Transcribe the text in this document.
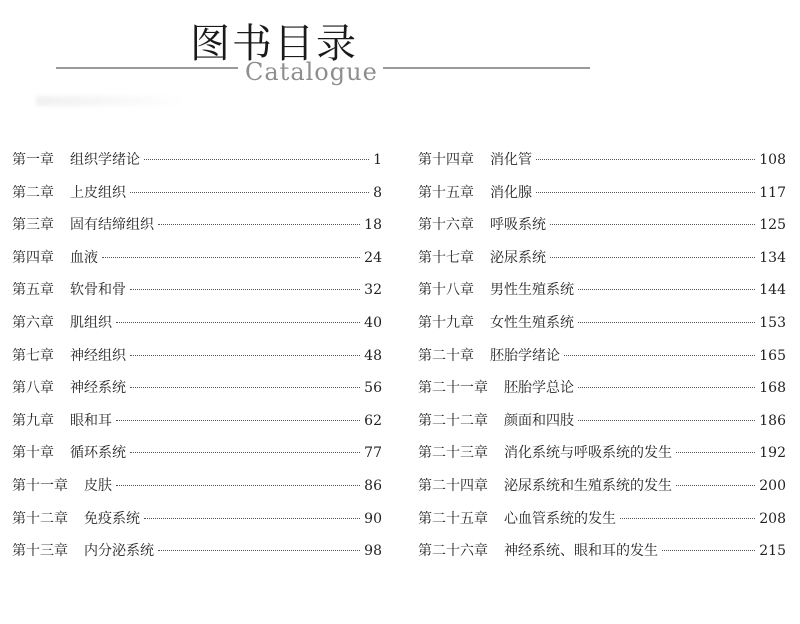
图书目录
Catalogue
第一章 组织学绪论	1
第二章 上皮组织	8
第三章 固有结缔组织	18
第四章 血液	24
第五章 软骨和骨	32
第六章 肌组织	40
第七章 神经组织	48
第八章 神经系统	56
第九章 眼和耳	62
第十章 循环系统	77
第十一章 皮肤	86
第十二章 免疫系统	90
第十三章 内分泌系统	98
第十四章 消化管	108
第十五章 消化腺	117
第十六章 呼吸系统	125
第十七章 泌尿系统	134
第十八章 男性生殖系统	144
第十九章 女性生殖系统	153
第二十章 胚胎学绪论	165
第二十一章 胚胎学总论	168
第二十二章 颜面和四肢	186
第二十三章 消化系统与呼吸系统的发生	192
第二十四章 泌尿系统和生殖系统的发生	200
第二十五章 心血管系统的发生	208
第二十六章 神经系统、眼和耳的发生	215
